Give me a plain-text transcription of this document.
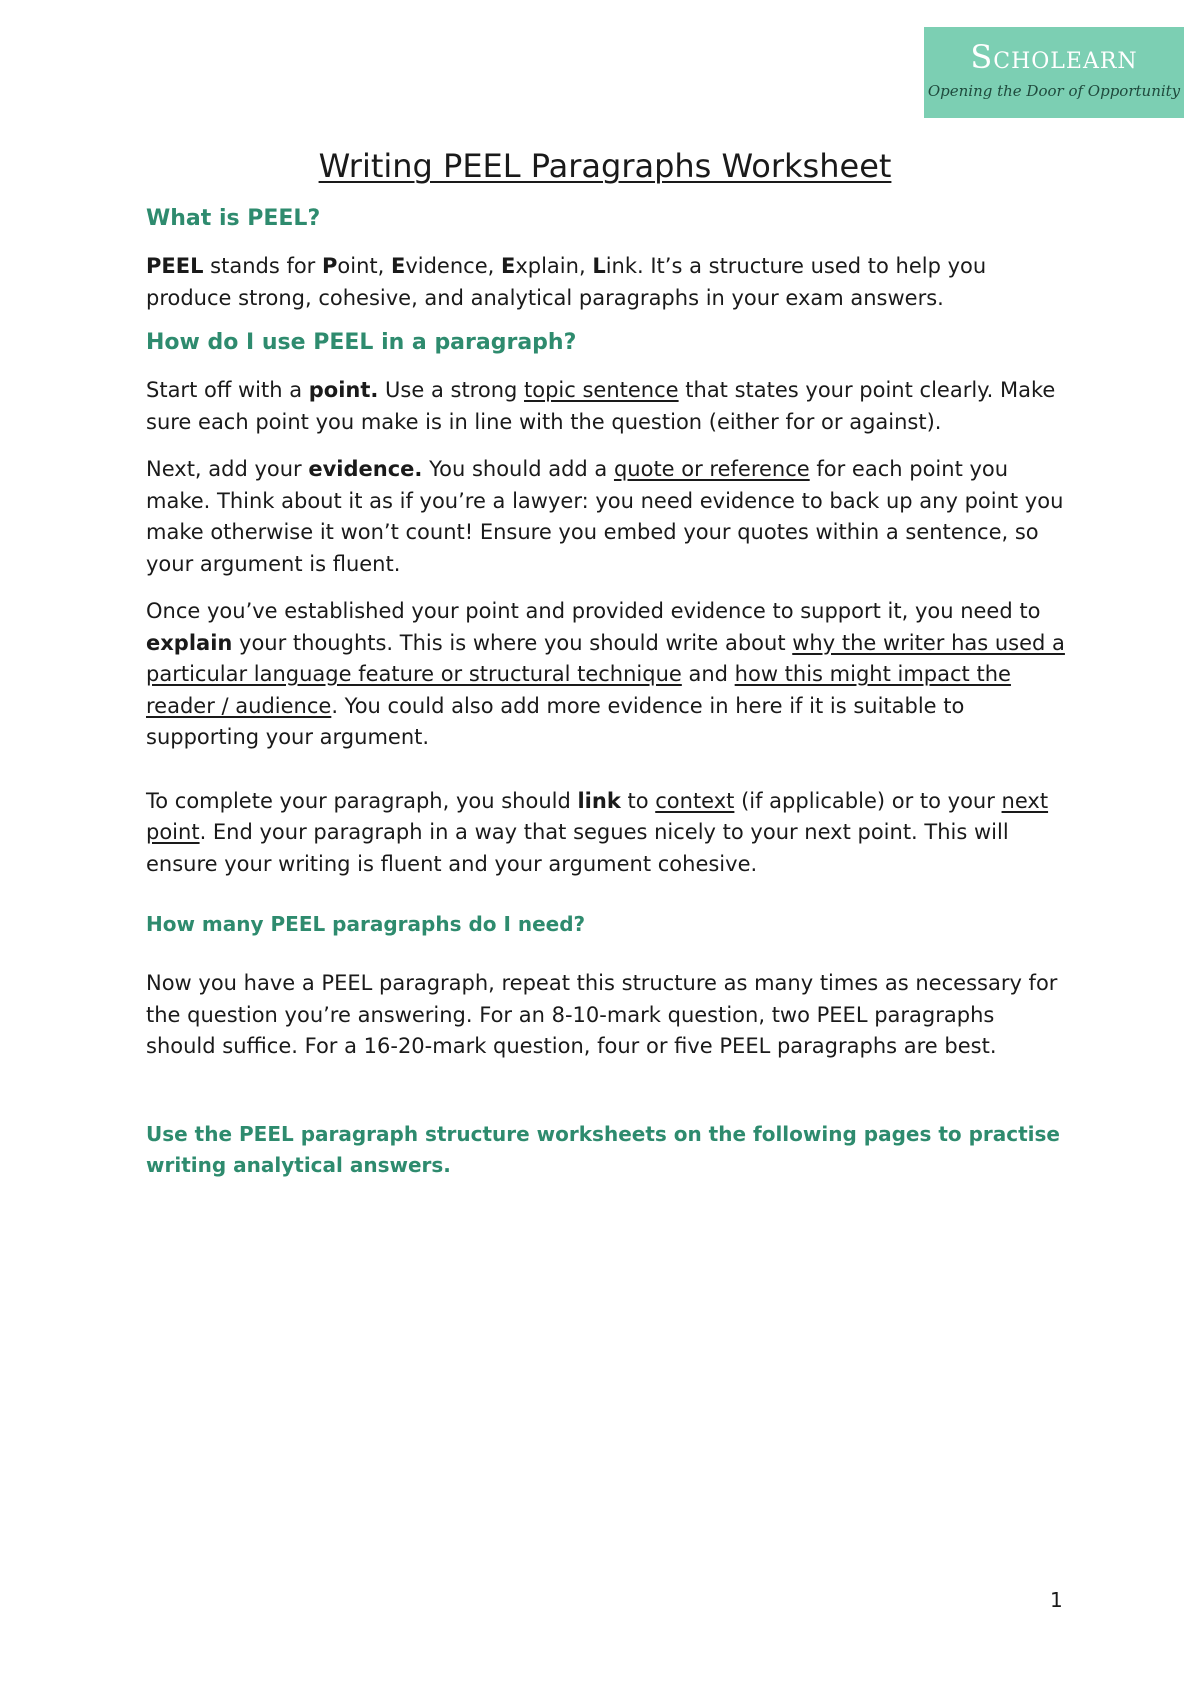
Scholearn
Opening the Door of Opportunity
Writing PEEL Paragraphs Worksheet
What is PEEL?

PEEL stands for Point, Evidence, Explain, Link. It’s a structure used to help you produce strong, cohesive, and analytical paragraphs in your exam answers.

How do I use PEEL in a paragraph?

Start off with a point. Use a strong topic sentence that states your point clearly. Make sure each point you make is in line with the question (either for or against).

Next, add your evidence. You should add a quote or reference for each point you make. Think about it as if you’re a lawyer: you need evidence to back up any point you make otherwise it won’t count! Ensure you embed your quotes within a sentence, so your argument is fluent.

Once you’ve established your point and provided evidence to support it, you need to explain your thoughts. This is where you should write about why the writer has used a particular language feature or structural technique and how this might impact the reader / audience. You could also add more evidence in here if it is suitable to supporting your argument.

To complete your paragraph, you should link to context (if applicable) or to your next point. End your paragraph in a way that segues nicely to your next point. This will ensure your writing is fluent and your argument cohesive.

How many PEEL paragraphs do I need?

Now you have a PEEL paragraph, repeat this structure as many times as necessary for the question you’re answering. For an 8-10-mark question, two PEEL paragraphs should suffice. For a 16-20-mark question, four or five PEEL paragraphs are best.

Use the PEEL paragraph structure worksheets on the following pages to practise writing analytical answers.

1
